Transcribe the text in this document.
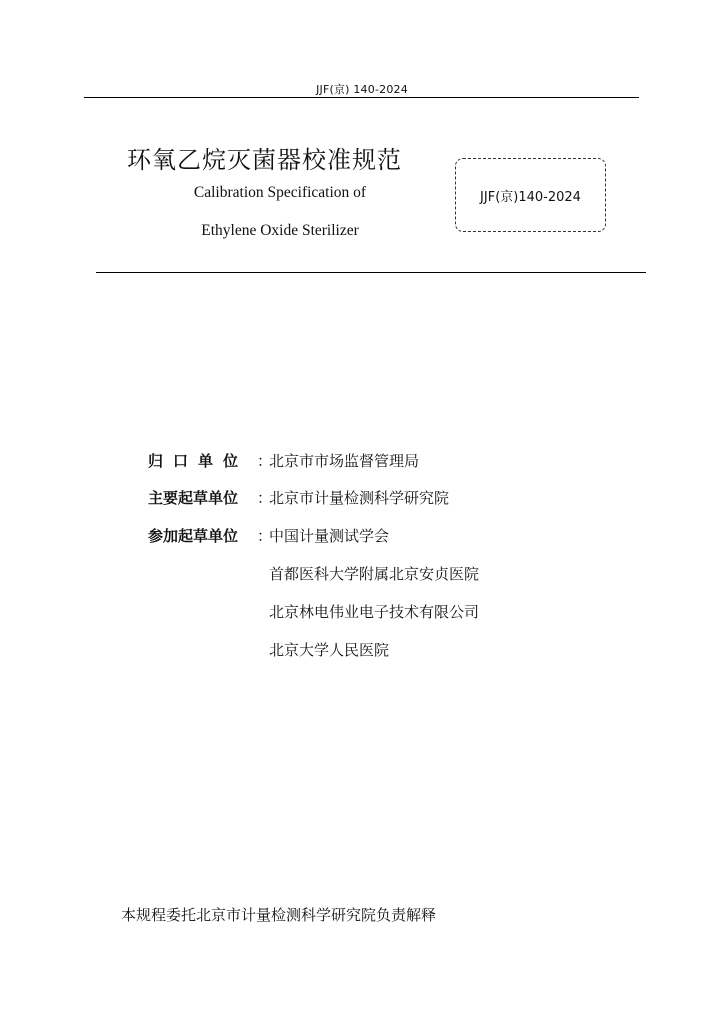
JJF(京) 140-2024
环氧乙烷灭菌器校准规范
Calibration Specification of
Ethylene Oxide Sterilizer
JJF(京)140-2024
归口单位 ：
北京市市场监督管理局
主要起草单位	：
北京市计量检测科学研究院
参加起草单位	：
中国计量测试学会
首都医科大学附属北京安贞医院
北京林电伟业电子技术有限公司
北京大学人民医院
本规程委托北京市计量检测科学研究院负责解释
